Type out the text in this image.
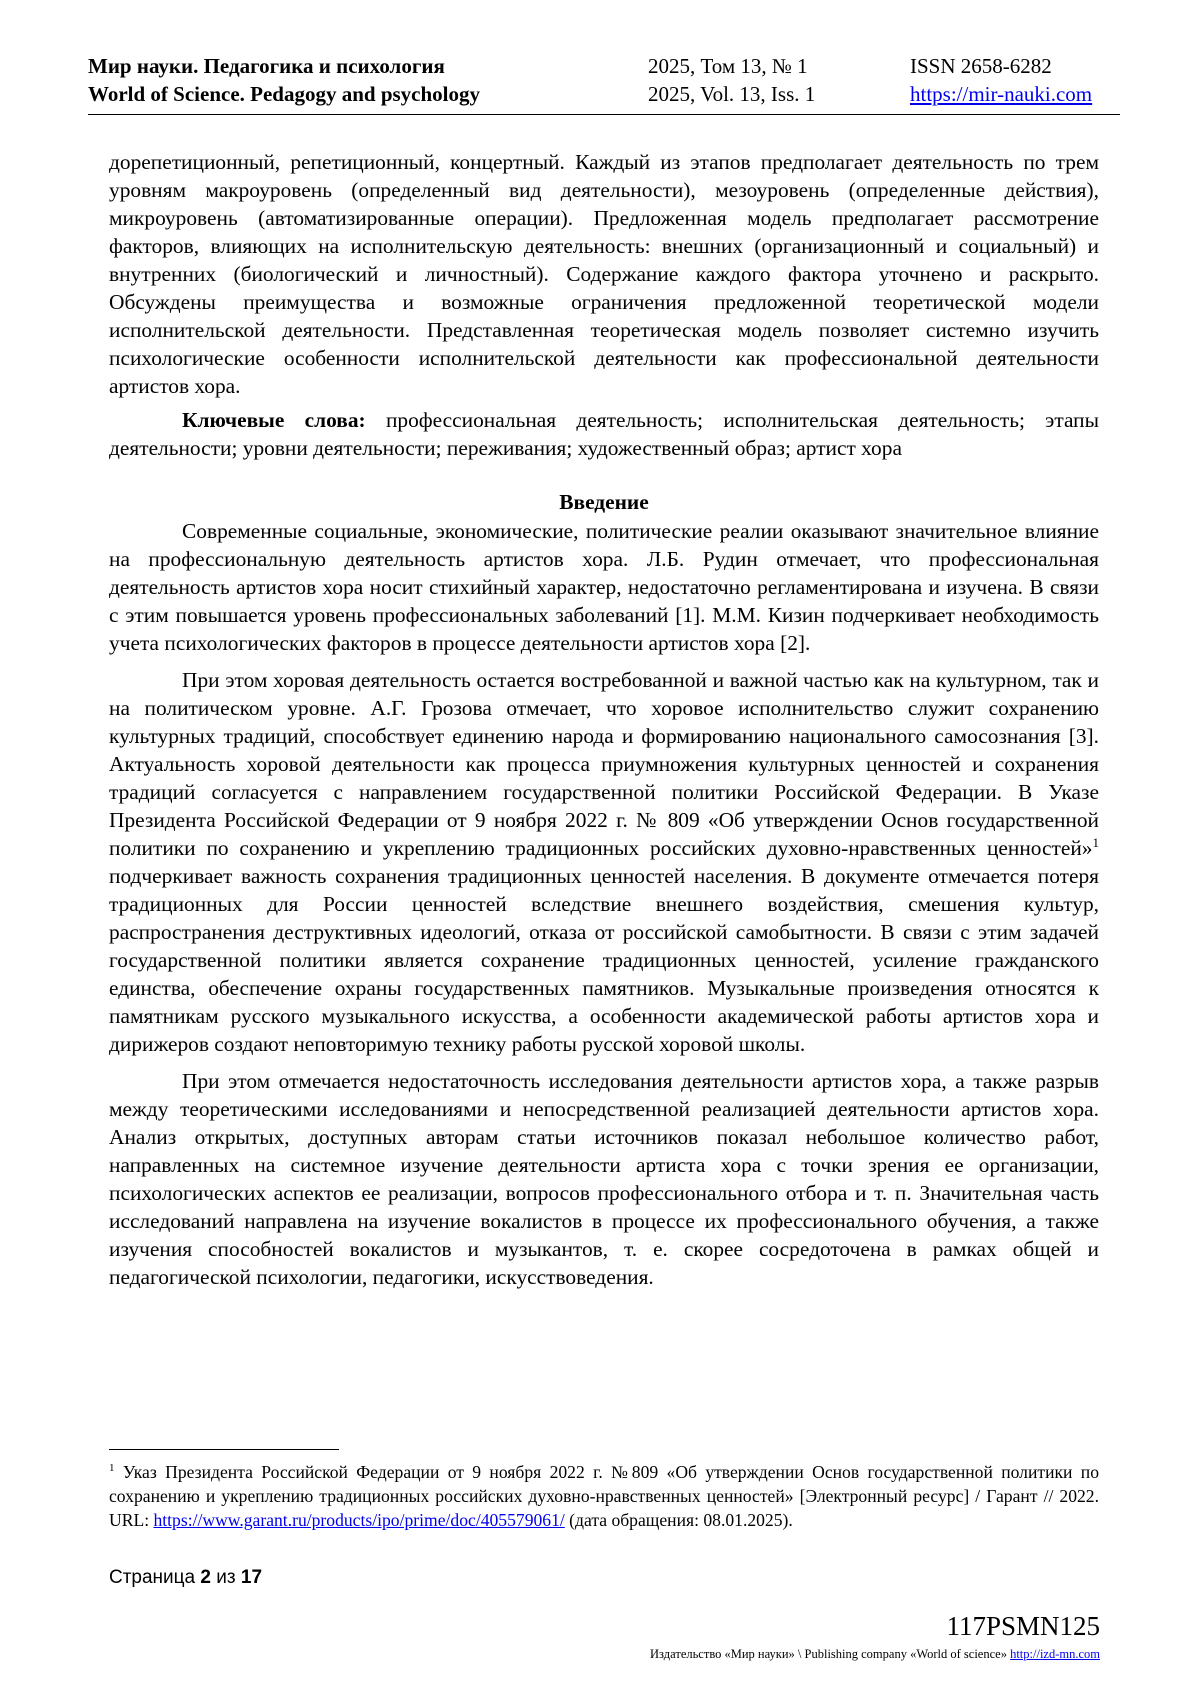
Мир науки. Педагогика и психология
World of Science. Pedagogy and psychology
2025, Том 13, № 1
2025, Vol. 13, Iss. 1
ISSN 2658-6282
https://mir-nauki.com

дорепетиционный, репетиционный, концертный. Каждый из этапов предполагает деятельность по трем уровням макроуровень (определенный вид деятельности), мезоуровень (определенные действия), микроуровень (автоматизированные операции). Предложенная модель предполагает рассмотрение факторов, влияющих на исполнительскую деятельность: внешних (организационный и социальный) и внутренних (биологический и личностный). Содержание каждого фактора уточнено и раскрыто. Обсуждены преимущества и возможные ограничения предложенной теоретической модели исполнительской деятельности. Представленная теоретическая модель позволяет системно изучить психологические особенности исполнительской деятельности как профессиональной деятельности артистов хора.

Ключевые слова: профессиональная деятельность; исполнительская деятельность; этапы деятельности; уровни деятельности; переживания; художественный образ; артист хора

Введение

Современные социальные, экономические, политические реалии оказывают значительное влияние на профессиональную деятельность артистов хора. Л.Б. Рудин отмечает, что профессиональная деятельность артистов хора носит стихийный характер, недостаточно регламентирована и изучена. В связи с этим повышается уровень профессиональных заболеваний [1]. М.М. Кизин подчеркивает необходимость учета психологических факторов в процессе деятельности артистов хора [2].

При этом хоровая деятельность остается востребованной и важной частью как на культурном, так и на политическом уровне. А.Г. Грозова отмечает, что хоровое исполнительство служит сохранению культурных традиций, способствует единению народа и формированию национального самосознания [3]. Актуальность хоровой деятельности как процесса приумножения культурных ценностей и сохранения традиций согласуется с направлением государственной политики Российской Федерации. В Указе Президента Российской Федерации от 9 ноября 2022 г. № 809 «Об утверждении Основ государственной политики по сохранению и укреплению традиционных российских духовно-нравственных ценностей»$^1$ подчеркивает важность сохранения традиционных ценностей населения. В документе отмечается потеря традиционных для России ценностей вследствие внешнего воздействия, смешения культур, распространения деструктивных идеологий, отказа от российской самобытности. В связи с этим задачей государственной политики является сохранение традиционных ценностей, усиление гражданского единства, обеспечение охраны государственных памятников. Музыкальные произведения относятся к памятникам русского музыкального искусства, а особенности академической работы артистов хора и дирижеров создают неповторимую технику работы русской хоровой школы.

При этом отмечается недостаточность исследования деятельности артистов хора, а также разрыв между теоретическими исследованиями и непосредственной реализацией деятельности артистов хора. Анализ открытых, доступных авторам статьи источников показал небольшое количество работ, направленных на системное изучение деятельности артиста хора с точки зрения ее организации, психологических аспектов ее реализации, вопросов профессионального отбора и т. п. Значительная часть исследований направлена на изучение вокалистов в процессе их профессионального обучения, а также изучения способностей вокалистов и музыкантов, т. е. скорее сосредоточена в рамках общей и педагогической психологии, педагогики, искусствоведения.

$^1$ Указ Президента Российской Федерации от 9 ноября 2022 г. №809 «Об утверждении Основ государственной политики по сохранению и укреплению традиционных российских духовно-нравственных ценностей» [Электронный ресурс] / Гарант // 2022. URL: https://www.garant.ru/products/ipo/prime/doc/405579061/ (дата обращения: 08.01.2025).
Страница 2 из 17
117PSMN125
Издательство «Мир науки» \ Publishing company «World of science» http://izd-mn.com
